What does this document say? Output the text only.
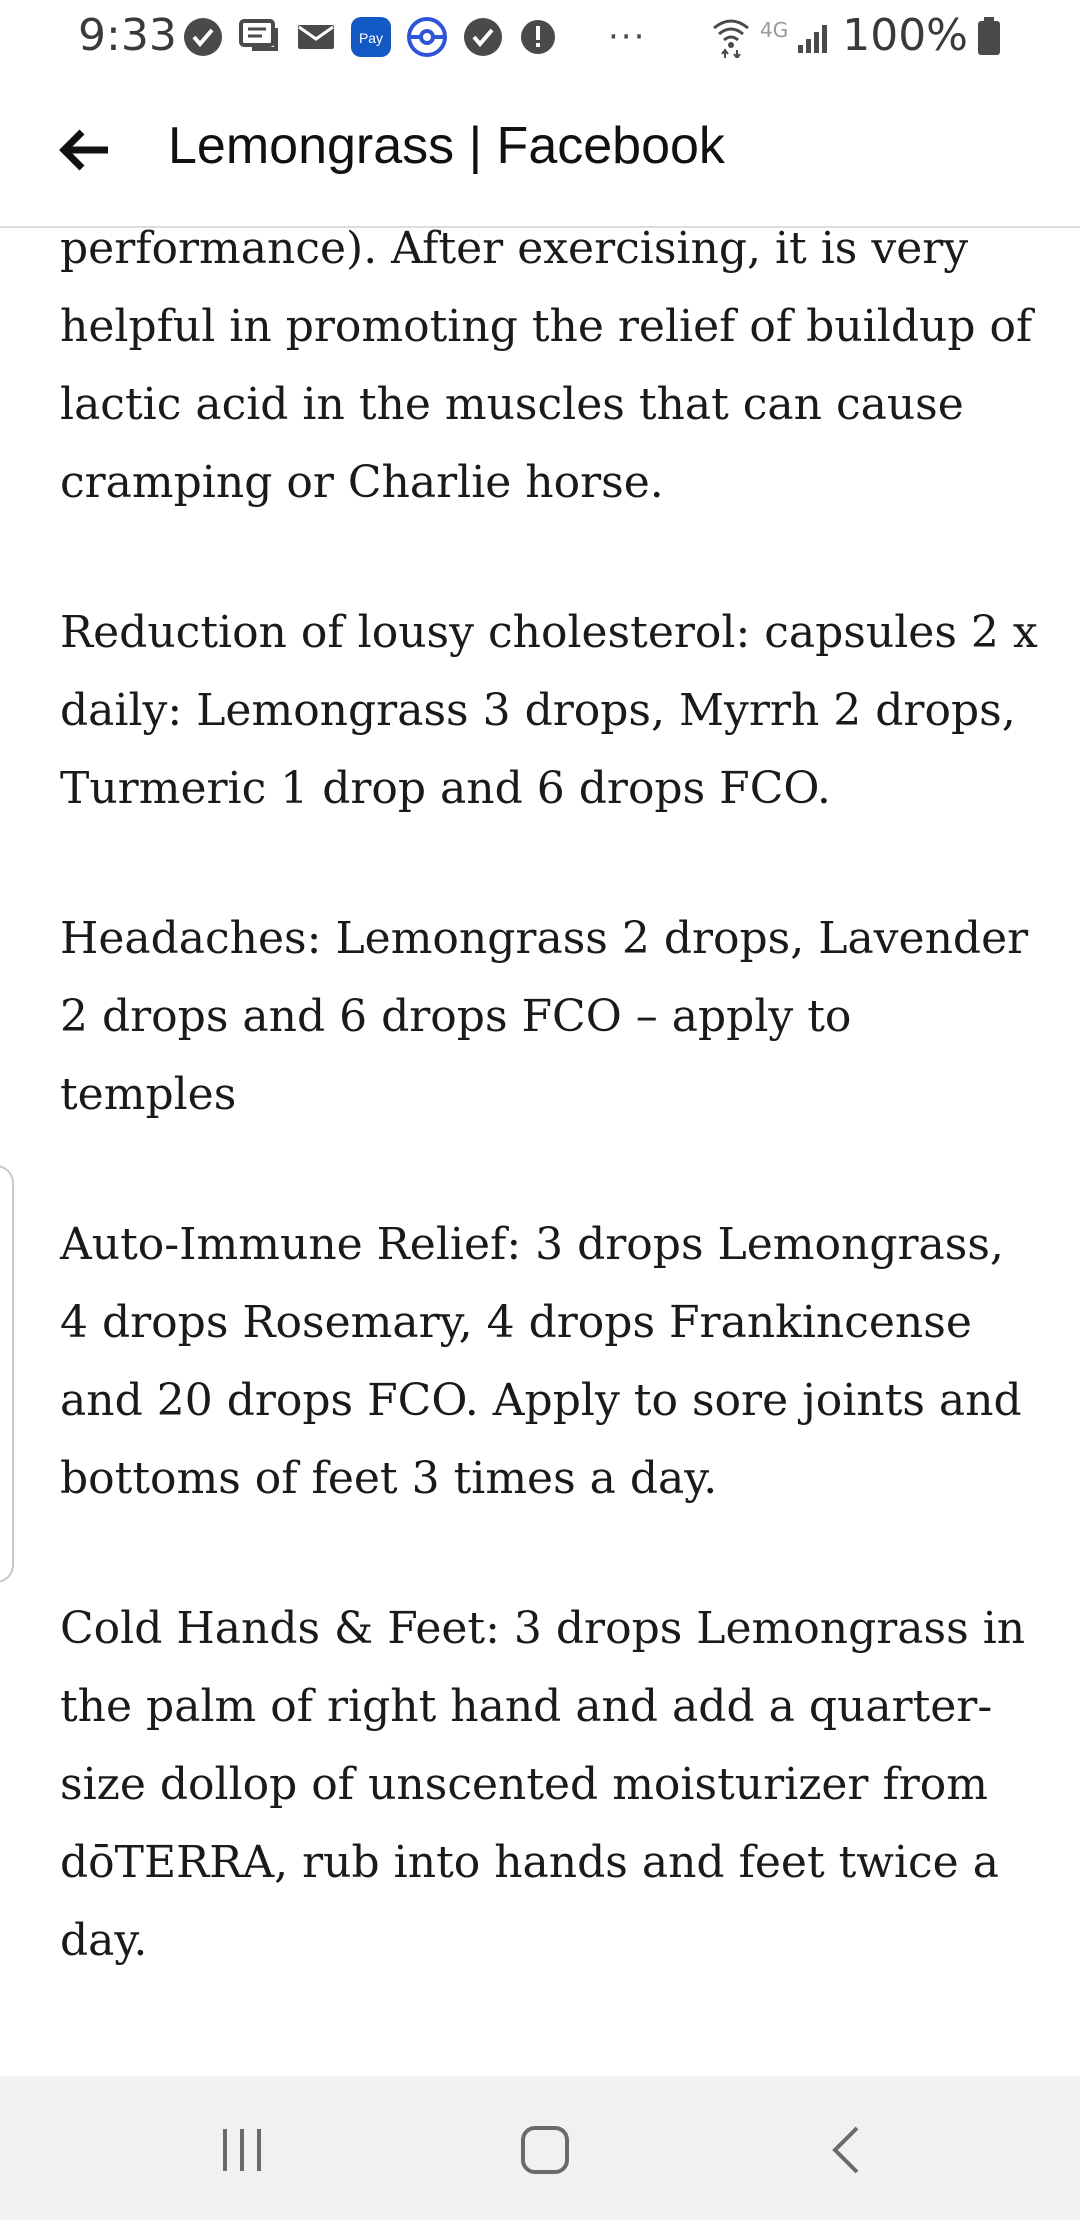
9:33	Pay	···	4G 100%
Lemongrass | Facebook

performance). After exercising, it is very helpful in promoting the relief of buildup of lactic acid in the muscles that can cause cramping or Charlie horse.

Reduction of lousy cholesterol: capsules 2 x daily: Lemongrass 3 drops, Myrrh 2 drops, Turmeric 1 drop and 6 drops FCO.

Headaches: Lemongrass 2 drops, Lavender 2 drops and 6 drops FCO – apply to temples

Auto-Immune Relief: 3 drops Lemongrass, 4 drops Rosemary, 4 drops Frankincense and 20 drops FCO. Apply to sore joints and bottoms of feet 3 times a day.

Cold Hands & Feet: 3 drops Lemongrass in the palm of right hand and add a quarter-size dollop of unscented moisturizer from dōTERRA, rub into hands and feet twice a day.
